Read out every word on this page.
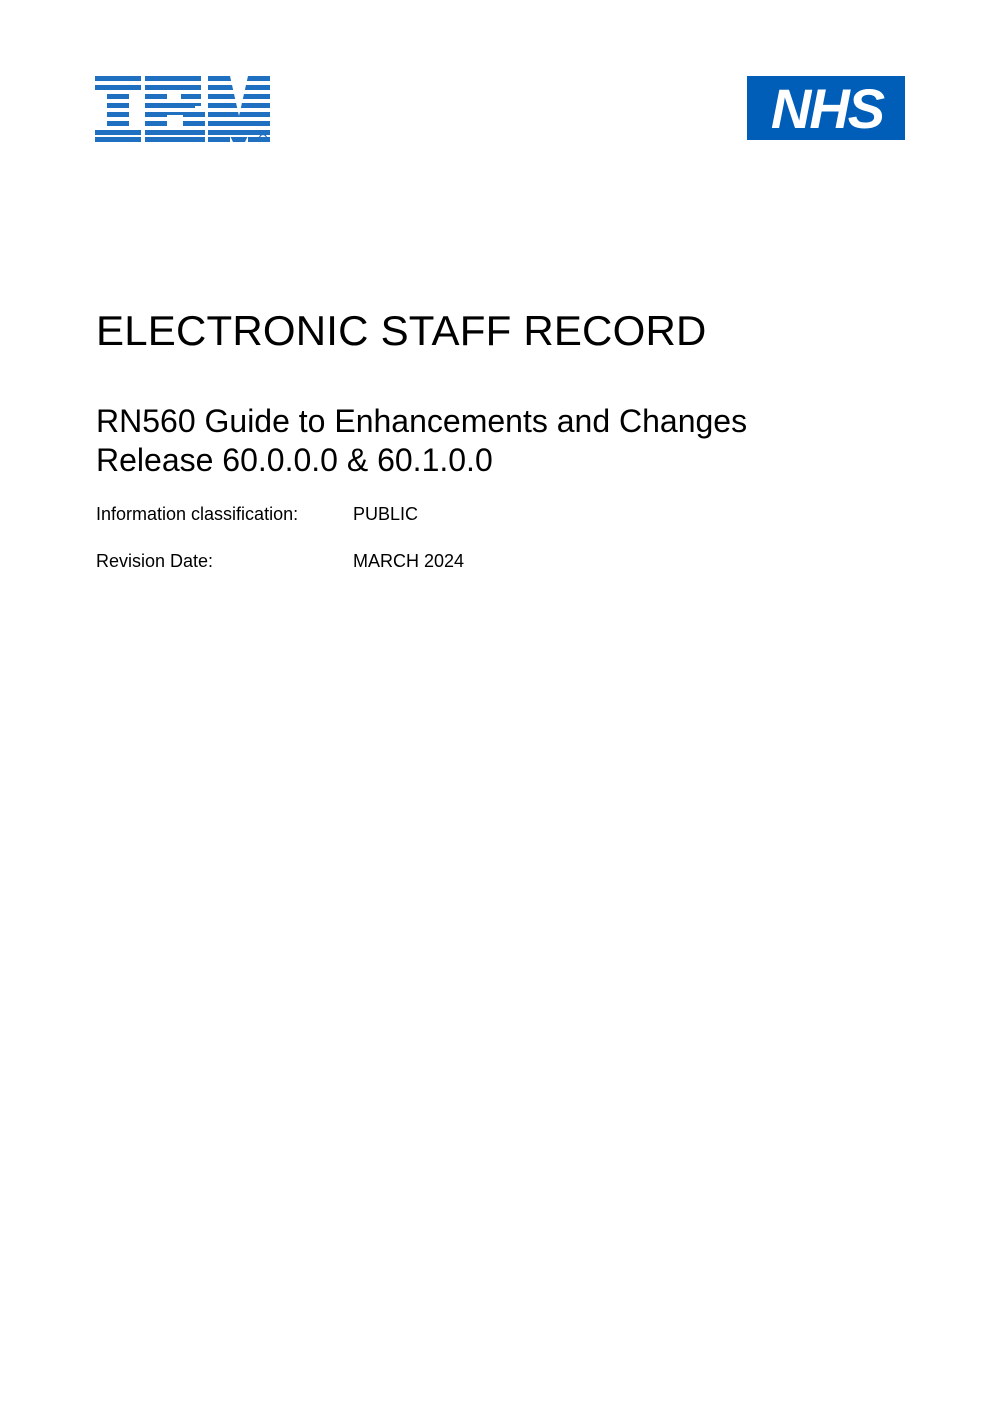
NHS
ELECTRONIC STAFF RECORD
RN560 Guide to Enhancements and Changes
Release 60.0.0.0 & 60.1.0.0
Information classification:	PUBLIC
Revision Date:	MARCH 2024
